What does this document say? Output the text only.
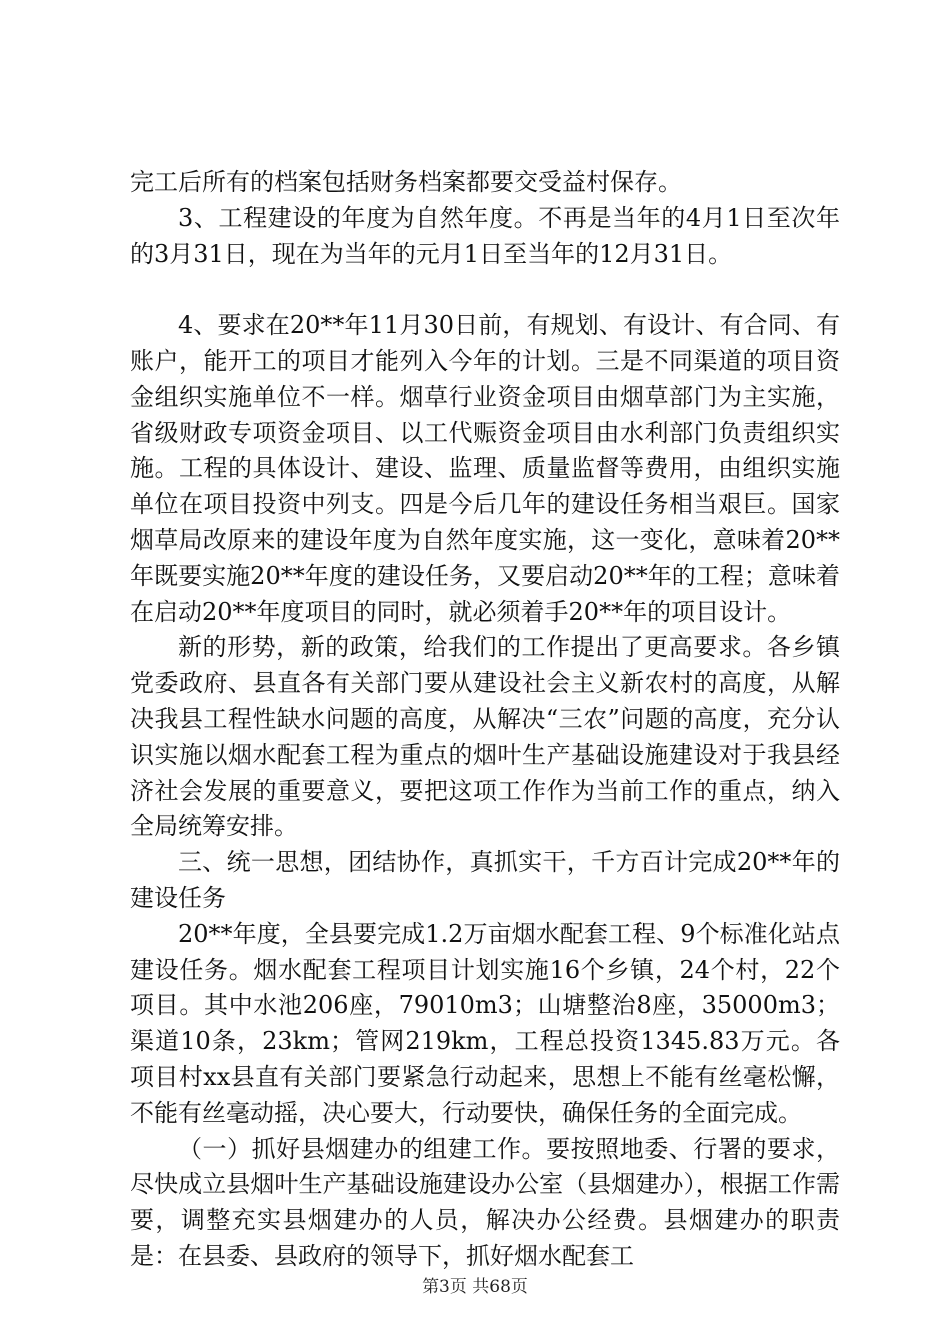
完工后所有的档案包括财务档案都要交受益村保存。

3、工程建设的年度为自然年度。不再是当年的4月1日至次年的3月31日，现在为当年的元月1日至当年的12月31日。

4、要求在20**年11月30日前，有规划、有设计、有合同、有账户，能开工的项目才能列入今年的计划。三是不同渠道的项目资金组织实施单位不一样。烟草行业资金项目由烟草部门为主实施，省级财政专项资金项目、以工代赈资金项目由水利部门负责组织实施。工程的具体设计、建设、监理、质量监督等费用，由组织实施单位在项目投资中列支。四是今后几年的建设任务相当艰巨。国家烟草局改原来的建设年度为自然年度实施，这一变化，意味着20**年既要实施20**年度的建设任务，又要启动20**年的工程；意味着在启动20**年度项目的同时，就必须着手20**年的项目设计。

新的形势，新的政策，给我们的工作提出了更高要求。各乡镇党委政府、县直各有关部门要从建设社会主义新农村的高度，从解决我县工程性缺水问题的高度，从解决“三农”问题的高度，充分认识实施以烟水配套工程为重点的烟叶生产基础设施建设对于我县经济社会发展的重要意义，要把这项工作作为当前工作的重点，纳入全局统筹安排。

三、统一思想，团结协作，真抓实干，千方百计完成20**年的建设任务

20**年度，全县要完成1.2万亩烟水配套工程、9个标准化站点建设任务。烟水配套工程项目计划实施16个乡镇，24个村，22个项目。其中水池206座，79010m3；山塘整治8座，35000m3；渠道10条，23km；管网219km，工程总投资1345.83万元。各项目村xx县直有关部门要紧急行动起来，思想上不能有丝毫松懈，不能有丝毫动摇，决心要大，行动要快，确保任务的全面完成。

（一）抓好县烟建办的组建工作。要按照地委、行署的要求，尽快成立县烟叶生产基础设施建设办公室（县烟建办），根据工作需要，调整充实县烟建办的人员，解决办公经费。县烟建办的职责是：在县委、县政府的领导下，抓好烟水配套工

第3页 共68页
